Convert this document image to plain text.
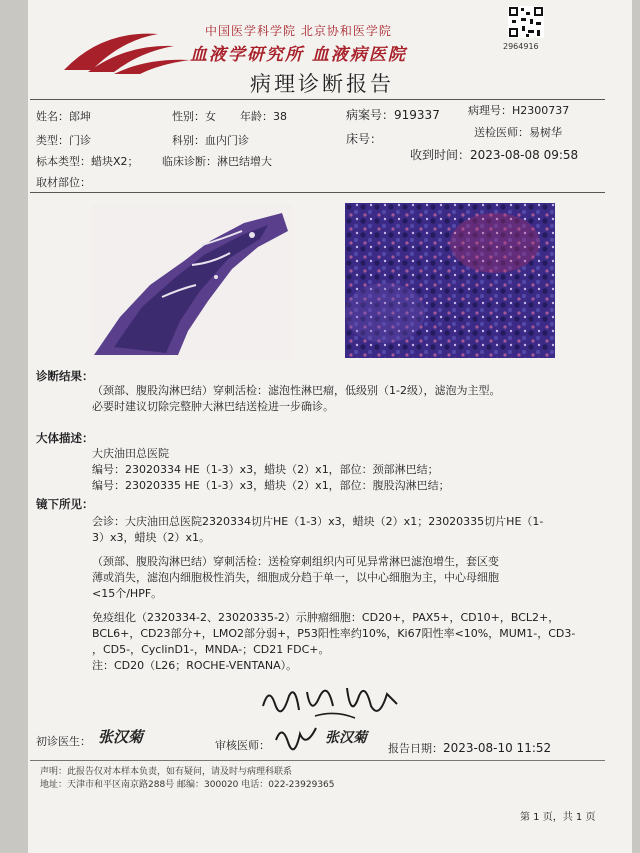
中国医学科学院 北京协和医学院
血液学研究所 血液病医院	2964916
病理诊断报告
姓名：郎坤	性别：女 年龄：38	病案号：919337	病理号：H2300737
类型：门诊	科别：血内门诊	床号：	送检医师：易树华
标本类型：蜡块X2； 临床诊断：淋巴结增大	收到时间：2023-08-08 09:58
取材部位：
诊断结果：
（颈部、腹股沟淋巴结）穿刺活检：滤泡性淋巴瘤，低级别（1-2级），滤泡为主型。
必要时建议切除完整肿大淋巴结送检进一步确诊。
大体描述：
大庆油田总医院
编号：23020334 HE（1-3）x3，蜡块（2）x1，部位：颈部淋巴结；
编号：23020335 HE（1-3）x3，蜡块（2）x1，部位：腹股沟淋巴结；
镜下所见：
会诊：大庆油田总医院2320334切片HE（1-3）x3，蜡块（2）x1；23020335切片HE（1-
3）x3，蜡块（2）x1。
（颈部、腹股沟淋巴结）穿刺活检：送检穿刺组织内可见异常淋巴滤泡增生，套区变
薄或消失，滤泡内细胞极性消失，细胞成分趋于单一，以中心细胞为主，中心母细胞
<15个/HPF。
免疫组化（2320334-2、23020335-2）示肿瘤细胞：CD20+，PAX5+，CD10+，BCL2+，
BCL6+，CD23部分+，LMO2部分弱+，P53阳性率约10%，Ki67阳性率<10%，MUM1-，CD3-
，CD5-，CyclinD1-，MNDA-；CD21 FDC+。
注：CD20（L26；ROCHE-VENTANA）。
初诊医生： 张汉菊	审核医师：	张汉菊
报告日期：2023-08-10 11:52
声明：此报告仅对本样本负责，如有疑问，请及时与病理科联系
地址：天津市和平区南京路288号 邮编：300020 电话：022-23929365
第 1 页，共 1 页
